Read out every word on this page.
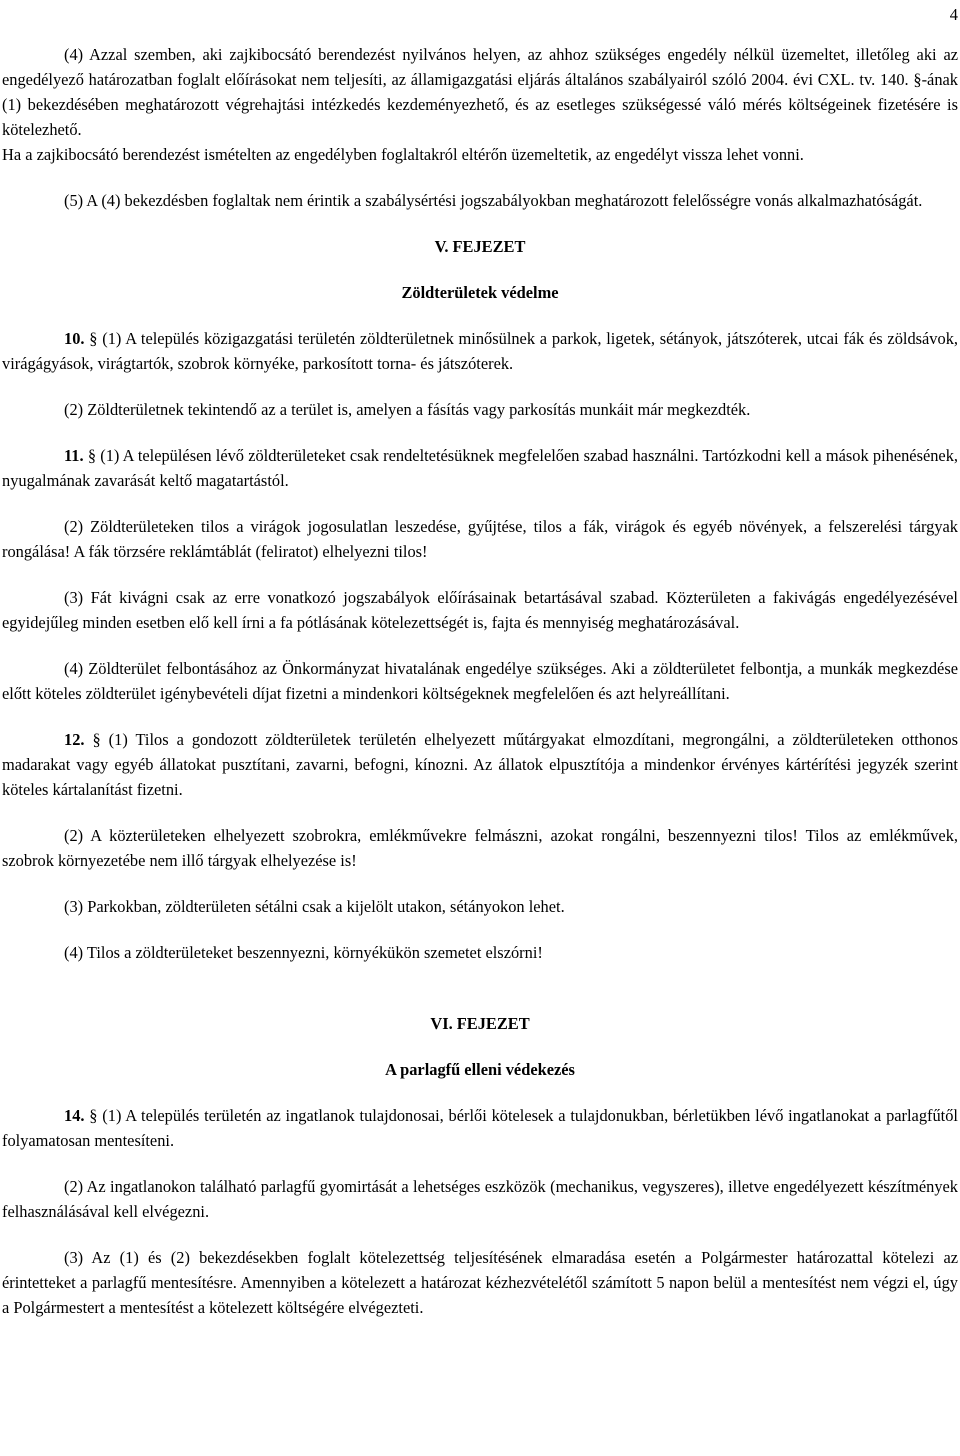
4

(4) Azzal szemben, aki zajkibocsátó berendezést nyilvános helyen, az ahhoz szükséges engedély nélkül üzemeltet, illetőleg aki az engedélyező határozatban foglalt előírásokat nem teljesíti, az államigazgatási eljárás általános szabályairól szóló 2004. évi CXL. tv. 140. §-ának (1) bekezdésében meghatározott végrehajtási intézkedés kezdeményezhető, és az esetleges szükségessé váló mérés költségeinek fizetésére is kötelezhető.

Ha a zajkibocsátó berendezést ismételten az engedélyben foglaltakról eltérőn üzemeltetik, az engedélyt vissza lehet vonni.

(5) A (4) bekezdésben foglaltak nem érintik a szabálysértési jogszabályokban meghatározott felelősségre vonás alkalmazhatóságát.

V. FEJEZET

Zöldterületek védelme

10. § (1) A település közigazgatási területén zöldterületnek minősülnek a parkok, ligetek, sétányok, játszóterek, utcai fák és zöldsávok, virágágyások, virágtartók, szobrok környéke, parkosított torna- és játszóterek.

(2) Zöldterületnek tekintendő az a terület is, amelyen a fásítás vagy parkosítás munkáit már megkezdték.

11. § (1) A településen lévő zöldterületeket csak rendeltetésüknek megfelelően szabad használni. Tartózkodni kell a mások pihenésének, nyugalmának zavarását keltő magatartástól.

(2) Zöldterületeken tilos a virágok jogosulatlan leszedése, gyűjtése, tilos a fák, virágok és egyéb növények, a felszerelési tárgyak rongálása! A fák törzsére reklámtáblát (feliratot) elhelyezni tilos!

(3) Fát kivágni csak az erre vonatkozó jogszabályok előírásainak betartásával szabad. Közterületen a fakivágás engedélyezésével egyidejűleg minden esetben elő kell írni a fa pótlásának kötelezettségét is, fajta és mennyiség meghatározásával.

(4) Zöldterület felbontásához az Önkormányzat hivatalának engedélye szükséges. Aki a zöldterületet felbontja, a munkák megkezdése előtt köteles zöldterület igénybevételi díjat fizetni a mindenkori költségeknek megfelelően és azt helyreállítani.

12. § (1) Tilos a gondozott zöldterületek területén elhelyezett műtárgyakat elmozdítani, megrongálni, a zöldterületeken otthonos madarakat vagy egyéb állatokat pusztítani, zavarni, befogni, kínozni. Az állatok elpusztítója a mindenkor érvényes kártérítési jegyzék szerint köteles kártalanítást fizetni.

(2) A közterületeken elhelyezett szobrokra, emlékművekre felmászni, azokat rongálni, beszennyezni tilos! Tilos az emlékművek, szobrok környezetébe nem illő tárgyak elhelyezése is!

(3) Parkokban, zöldterületen sétálni csak a kijelölt utakon, sétányokon lehet.

(4) Tilos a zöldterületeket beszennyezni, környékükön szemetet elszórni!

VI. FEJEZET

A parlagfű elleni védekezés

14. § (1) A település területén az ingatlanok tulajdonosai, bérlői kötelesek a tulajdonukban, bérletükben lévő ingatlanokat a parlagfűtől folyamatosan mentesíteni.

(2) Az ingatlanokon található parlagfű gyomirtását a lehetséges eszközök (mechanikus, vegyszeres), illetve engedélyezett készítmények felhasználásával kell elvégezni.

(3) Az (1) és (2) bekezdésekben foglalt kötelezettség teljesítésének elmaradása esetén a Polgármester határozattal kötelezi az érintetteket a parlagfű mentesítésre. Amennyiben a kötelezett a határozat kézhezvételétől számított 5 napon belül a mentesítést nem végzi el, úgy a Polgármestert a mentesítést a kötelezett költségére elvégezteti.
